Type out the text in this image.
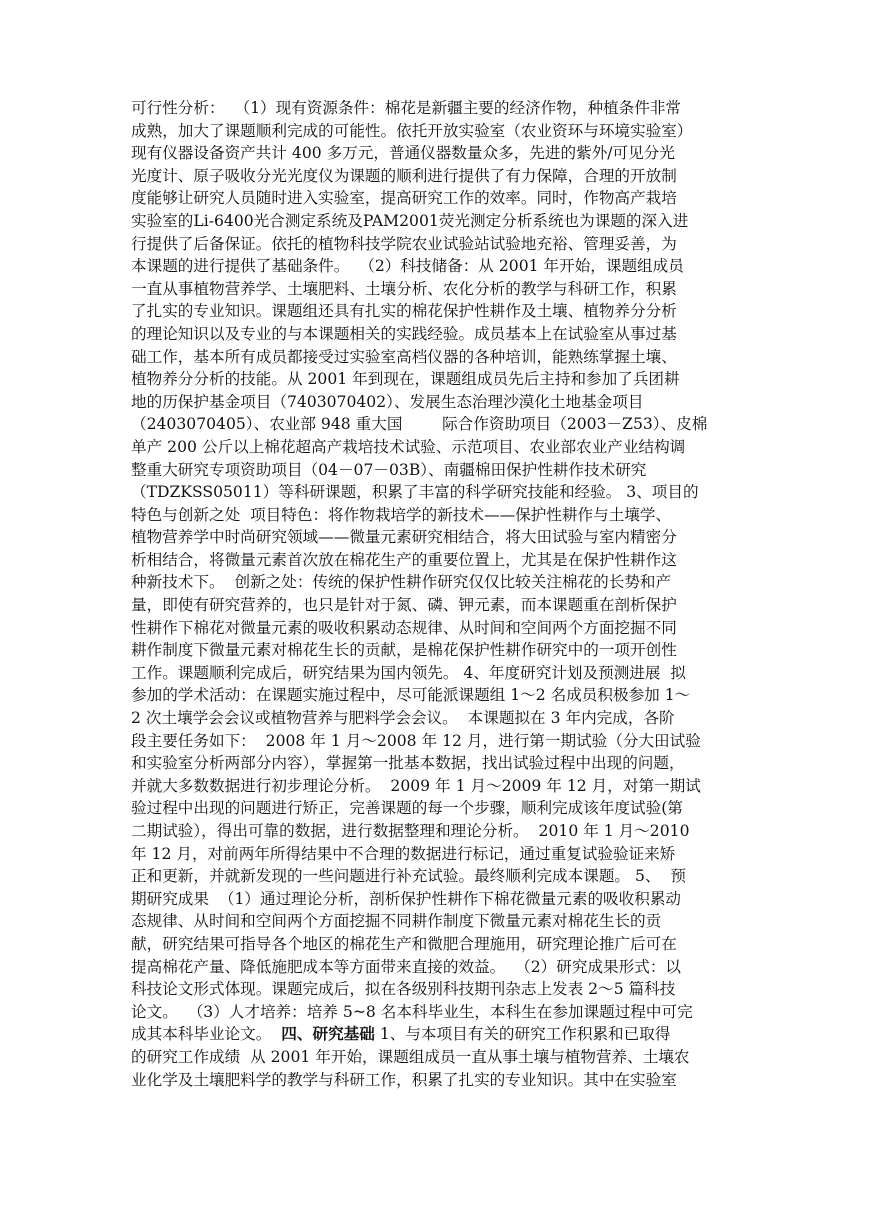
可行性分析：  （1）现有资源条件：棉花是新疆主要的经济作物，种植条件非常
成熟，加大了课题顺利完成的可能性。依托开放实验室（农业资环与环境实验室）
现有仪器设备资产共计 400 多万元，普通仪器数量众多，先进的紫外/可见分光
光度计、原子吸收分光光度仪为课题的顺利进行提供了有力保障，合理的开放制
度能够让研究人员随时进入实验室，提高研究工作的效率。同时，作物高产栽培
实验室的Li-6400光合测定系统及PAM2001荧光测定分析系统也为课题的深入进
行提供了后备保证。依托的植物科技学院农业试验站试验地充裕、管理妥善，为
本课题的进行提供了基础条件。  （2）科技储备：从 2001 年开始，课题组成员
一直从事植物营养学、土壤肥料、土壤分析、农化分析的教学与科研工作，积累
了扎实的专业知识。课题组还具有扎实的棉花保护性耕作及土壤、植物养分分析
的理论知识以及专业的与本课题相关的实践经验。成员基本上在试验室从事过基
础工作，基本所有成员都接受过实验室高档仪器的各种培训，能熟练掌握土壤、
植物养分分析的技能。从 2001 年到现在，课题组成员先后主持和参加了兵团耕
地的历保护基金项目（7403070402）、发展生态治理沙漠化土地基金项目
（2403070405）、农业部 948 重大国        际合作资助项目（2003－Z53）、皮棉
单产 200 公斤以上棉花超高产栽培技术试验、示范项目、农业部农业产业结构调
整重大研究专项资助项目（04－07－03B）、南疆棉田保护性耕作技术研究
（TDZKSS05011）等科研课题，积累了丰富的科学研究技能和经验。 3、项目的
特色与创新之处  项目特色：将作物栽培学的新技术——保护性耕作与土壤学、
植物营养学中时尚研究领域——微量元素研究相结合，将大田试验与室内精密分
析相结合，将微量元素首次放在棉花生产的重要位置上，尤其是在保护性耕作这
种新技术下。  创新之处：传统的保护性耕作研究仅仅比较关注棉花的长势和产
量，即使有研究营养的，也只是针对于氮、磷、钾元素，而本课题重在剖析保护
性耕作下棉花对微量元素的吸收积累动态规律、从时间和空间两个方面挖掘不同
耕作制度下微量元素对棉花生长的贡献，是棉花保护性耕作研究中的一项开创性
工作。课题顺利完成后，研究结果为国内领先。 4、年度研究计划及预测进展  拟
参加的学术活动：在课题实施过程中，尽可能派课题组 1～2 名成员积极参加 1～
2 次土壤学会会议或植物营养与肥料学会会议。  本课题拟在 3 年内完成，各阶
段主要任务如下：  2008 年 1 月～2008 年 12 月，进行第一期试验（分大田试验
和实验室分析两部分内容），掌握第一批基本数据，找出试验过程中出现的问题，
并就大多数数据进行初步理论分析。  2009 年 1 月～2009 年 12 月，对第一期试
验过程中出现的问题进行矫正，完善课题的每一个步骤，顺利完成该年度试验(第
二期试验），得出可靠的数据，进行数据整理和理论分析。  2010 年 1 月～2010
年 12 月，对前两年所得结果中不合理的数据进行标记，通过重复试验验证来矫
正和更新，并就新发现的一些问题进行补充试验。最终顺利完成本课题。 5、  预
期研究成果  （1）通过理论分析，剖析保护性耕作下棉花微量元素的吸收积累动
态规律、从时间和空间两个方面挖掘不同耕作制度下微量元素对棉花生长的贡
献，研究结果可指导各个地区的棉花生产和微肥合理施用，研究理论推广后可在
提高棉花产量、降低施肥成本等方面带来直接的效益。  （2）研究成果形式：以
科技论文形式体现。课题完成后，拟在各级别科技期刊杂志上发表 2～5 篇科技
论文。  （3）人才培养：培养 5~8 名本科毕业生，本科生在参加课题过程中可完
成其本科毕业论文。 四、研究基础 1、与本项目有关的研究工作积累和已取得
的研究工作成绩  从 2001 年开始，课题组成员一直从事土壤与植物营养、土壤农
业化学及土壤肥料学的教学与科研工作，积累了扎实的专业知识。其中在实验室
